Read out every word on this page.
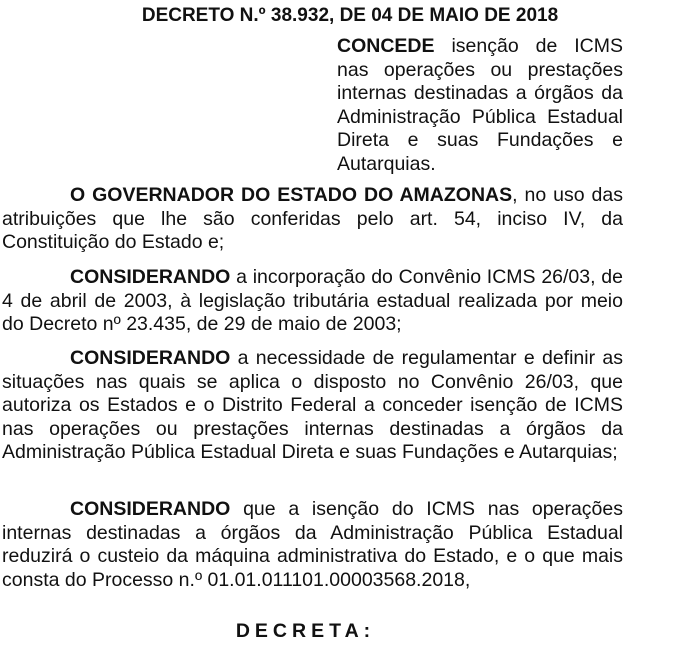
DECRETO N.º 38.932, DE 04 DE MAIO DE 2018
CONCEDE isenção de ICMS nas operações ou prestações internas destinadas a órgãos da Administração Pública Estadual Direta e suas Fundações e Autarquias.
O GOVERNADOR DO ESTADO DO AMAZONAS, no uso das atribuições que lhe são conferidas pelo art. 54, inciso IV, da Constituição do Estado e;
CONSIDERANDO a incorporação do Convênio ICMS 26/03, de 4 de abril de 2003, à legislação tributária estadual realizada por meio do Decreto nº 23.435, de 29 de maio de 2003;
CONSIDERANDO a necessidade de regulamentar e definir as situações nas quais se aplica o disposto no Convênio 26/03, que autoriza os Estados e o Distrito Federal a conceder isenção de ICMS nas operações ou prestações internas destinadas a órgãos da Administração Pública Estadual Direta e suas Fundações e Autarquias;
CONSIDERANDO que a isenção do ICMS nas operações internas destinadas a órgãos da Administração Pública Estadual reduzirá o custeio da máquina administrativa do Estado, e o que mais consta do Processo n.º 01.01.011101.00003568.2018,
DECRETA:
